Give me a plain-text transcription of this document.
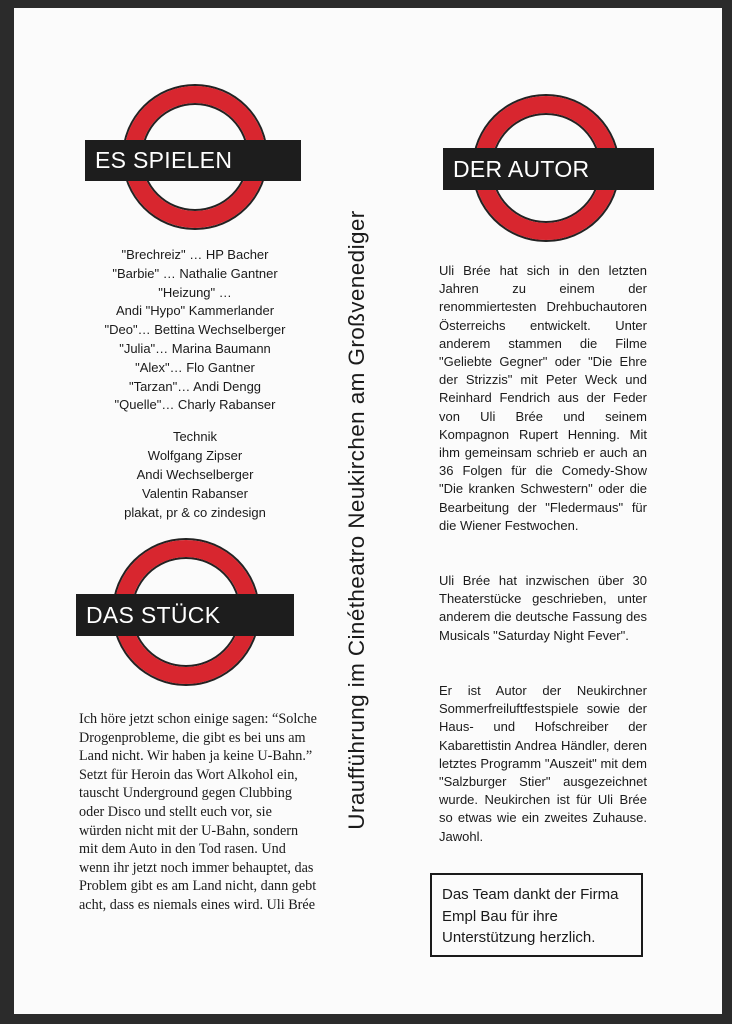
ES SPIELEN
"Brechreiz" … HP Bacher
"Barbie" … Nathalie Gantner
"Heizung" …
Andi "Hypo" Kammerlander
"Deo"… Bettina Wechselberger
"Julia"… Marina Baumann
"Alex"… Flo Gantner
"Tarzan"… Andi Dengg
"Quelle"… Charly Rabanser
Technik
Wolfgang Zipser
Andi Wechselberger
Valentin Rabanser
plakat, pr & co zindesign
DAS STÜCK
Ich höre jetzt schon einige sagen: “Solche Drogenprobleme, die gibt es bei uns am Land nicht. Wir haben ja keine U-Bahn.” Setzt für Heroin das Wort Alkohol ein, tauscht Underground gegen Clubbing oder Disco und stellt euch vor, sie würden nicht mit der U-Bahn, sondern mit dem Auto in den Tod rasen. Und wenn ihr jetzt noch immer behauptet, das Problem gibt es am Land nicht, dann gebt acht, dass es niemals eines wird. Uli Brée
Uraufführung im Cinétheatro Neukirchen am Großvenediger
DER AUTOR
Uli Brée hat sich in den letzten Jahren zu einem der renommiertesten Drehbuchautoren Österreichs entwickelt. Unter anderem stammen die Filme "Geliebte Gegner" oder "Die Ehre der Strizzis" mit Peter Weck und Reinhard Fendrich aus der Feder von Uli Brée und seinem Kompagnon Rupert Henning. Mit ihm gemeinsam schrieb er auch an 36 Folgen für die Comedy-Show "Die kranken Schwestern" oder die Bearbeitung der "Fledermaus" für die Wiener Festwochen.
Uli Brée hat inzwischen über 30 Theaterstücke geschrieben, unter anderem die deutsche Fassung des Musicals "Saturday Night Fever".
Er ist Autor der Neukirchner Sommerfreiluftfestspiele sowie der Haus- und Hofschreiber der Kabarettistin Andrea Händler, deren letztes Programm "Auszeit" mit dem "Salzburger Stier" ausgezeichnet wurde. Neukirchen ist für Uli Brée so etwas wie ein zweites Zuhause. Jawohl.
Das Team dankt der Firma Empl Bau für ihre Unterstützung herzlich.
